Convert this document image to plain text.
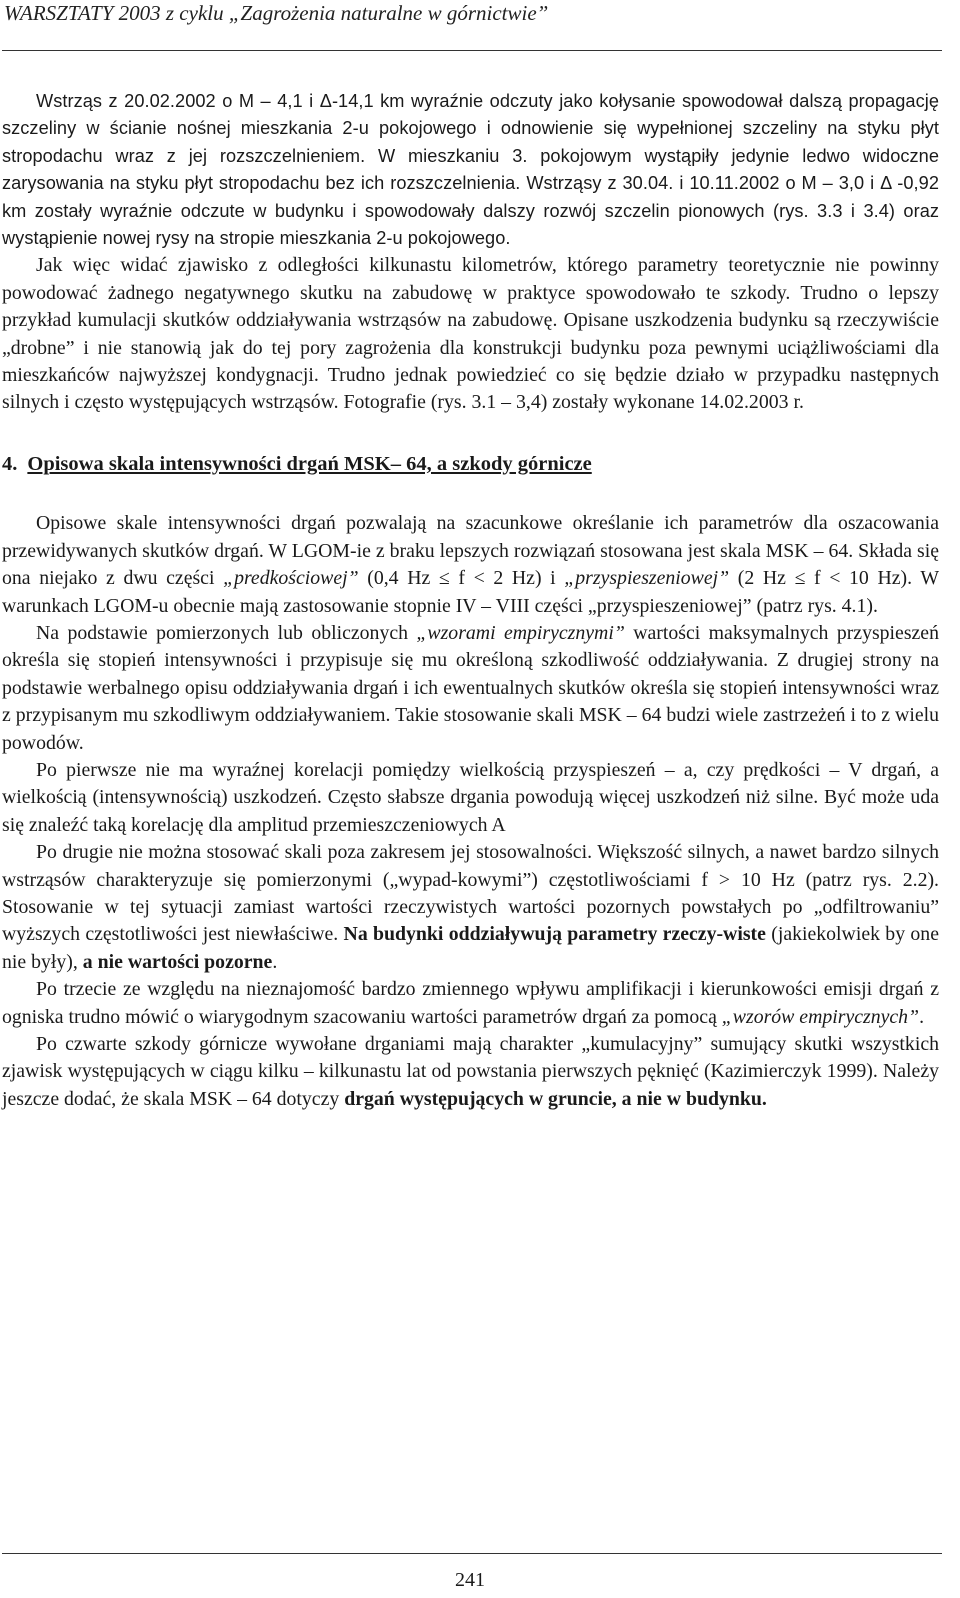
WARSZTATY 2003 z cyklu „Zagrożenia naturalne w górnictwie”

Wstrząs z 20.02.2002 o M – 4,1 i Δ-14,1 km wyraźnie odczuty jako kołysanie spowodował dalszą propagację szczeliny w ścianie nośnej mieszkania 2-u pokojowego i odnowienie się wypełnionej szczeliny na styku płyt stropodachu wraz z jej rozszczelnieniem. W mieszkaniu 3. pokojowym wystąpiły jedynie ledwo widoczne zarysowania na styku płyt stropodachu bez ich rozszczelnienia. Wstrząsy z 30.04. i 10.11.2002 o M – 3,0 i Δ -0,92 km zostały wyraźnie odczute w budynku i spowodowały dalszy rozwój szczelin pionowych (rys. 3.3 i 3.4) oraz wystąpienie nowej rysy na stropie mieszkania 2-u pokojowego.

Jak więc widać zjawisko z odległości kilkunastu kilometrów, którego parametry teoretycznie nie powinny powodować żadnego negatywnego skutku na zabudowę w praktyce spowodowało te szkody. Trudno o lepszy przykład kumulacji skutków oddziaływania wstrząsów na zabudowę. Opisane uszkodzenia budynku są rzeczywiście „drobne” i nie stanowią jak do tej pory zagrożenia dla konstrukcji budynku poza pewnymi uciążliwościami dla mieszkańców najwyższej kondygnacji. Trudno jednak powiedzieć co się będzie działo w przypadku następnych silnych i często występujących wstrząsów. Fotografie (rys. 3.1 – 3,4) zostały wykonane 14.02.2003 r.

4. Opisowa skala intensywności drgań MSK– 64, a szkody górnicze

Opisowe skale intensywności drgań pozwalają na szacunkowe określanie ich parametrów dla oszacowania przewidywanych skutków drgań. W LGOM-ie z braku lepszych rozwiązań stosowana jest skala MSK – 64. Składa się ona niejako z dwu części „predkościowej” (0,4 Hz ≤ f < 2 Hz) i „przyspieszeniowej” (2 Hz ≤ f < 10 Hz). W warunkach LGOM-u obecnie mają zastosowanie stopnie IV – VIII części „przyspieszeniowej” (patrz rys. 4.1).

Na podstawie pomierzonych lub obliczonych „wzorami empirycznymi” wartości maksymalnych przyspieszeń określa się stopień intensywności i przypisuje się mu określoną szkodliwość oddziaływania. Z drugiej strony na podstawie werbalnego opisu oddziaływania drgań i ich ewentualnych skutków określa się stopień intensywności wraz z przypisanym mu szkodliwym oddziaływaniem. Takie stosowanie skali MSK – 64 budzi wiele zastrzeżeń i to z wielu powodów.

Po pierwsze nie ma wyraźnej korelacji pomiędzy wielkością przyspieszeń – a, czy prędkości – V drgań, a wielkością (intensywnością) uszkodzeń. Często słabsze drgania powodują więcej uszkodzeń niż silne. Być może uda się znaleźć taką korelację dla amplitud przemieszczeniowych A

Po drugie nie można stosować skali poza zakresem jej stosowalności. Większość silnych, a nawet bardzo silnych wstrząsów charakteryzuje się pomierzonymi („wypad-kowymi”) częstotliwościami f > 10 Hz (patrz rys. 2.2). Stosowanie w tej sytuacji zamiast wartości rzeczywistych wartości pozornych powstałych po „odfiltrowaniu” wyższych częstotliwości jest niewłaściwe. Na budynki oddziaływują parametry rzeczy-wiste (jakiekolwiek by one nie były), a nie wartości pozorne.

Po trzecie ze względu na nieznajomość bardzo zmiennego wpływu amplifikacji i kierunkowości emisji drgań z ogniska trudno mówić o wiarygodnym szacowaniu wartości parametrów drgań za pomocą „wzorów empirycznych”.

Po czwarte szkody górnicze wywołane drganiami mają charakter „kumulacyjny” sumujący skutki wszystkich zjawisk występujących w ciągu kilku – kilkunastu lat od powstania pierwszych pęknięć (Kazimierczyk 1999). Należy jeszcze dodać, że skala MSK – 64 dotyczy drgań występujących w gruncie, a nie w budynku.

241
